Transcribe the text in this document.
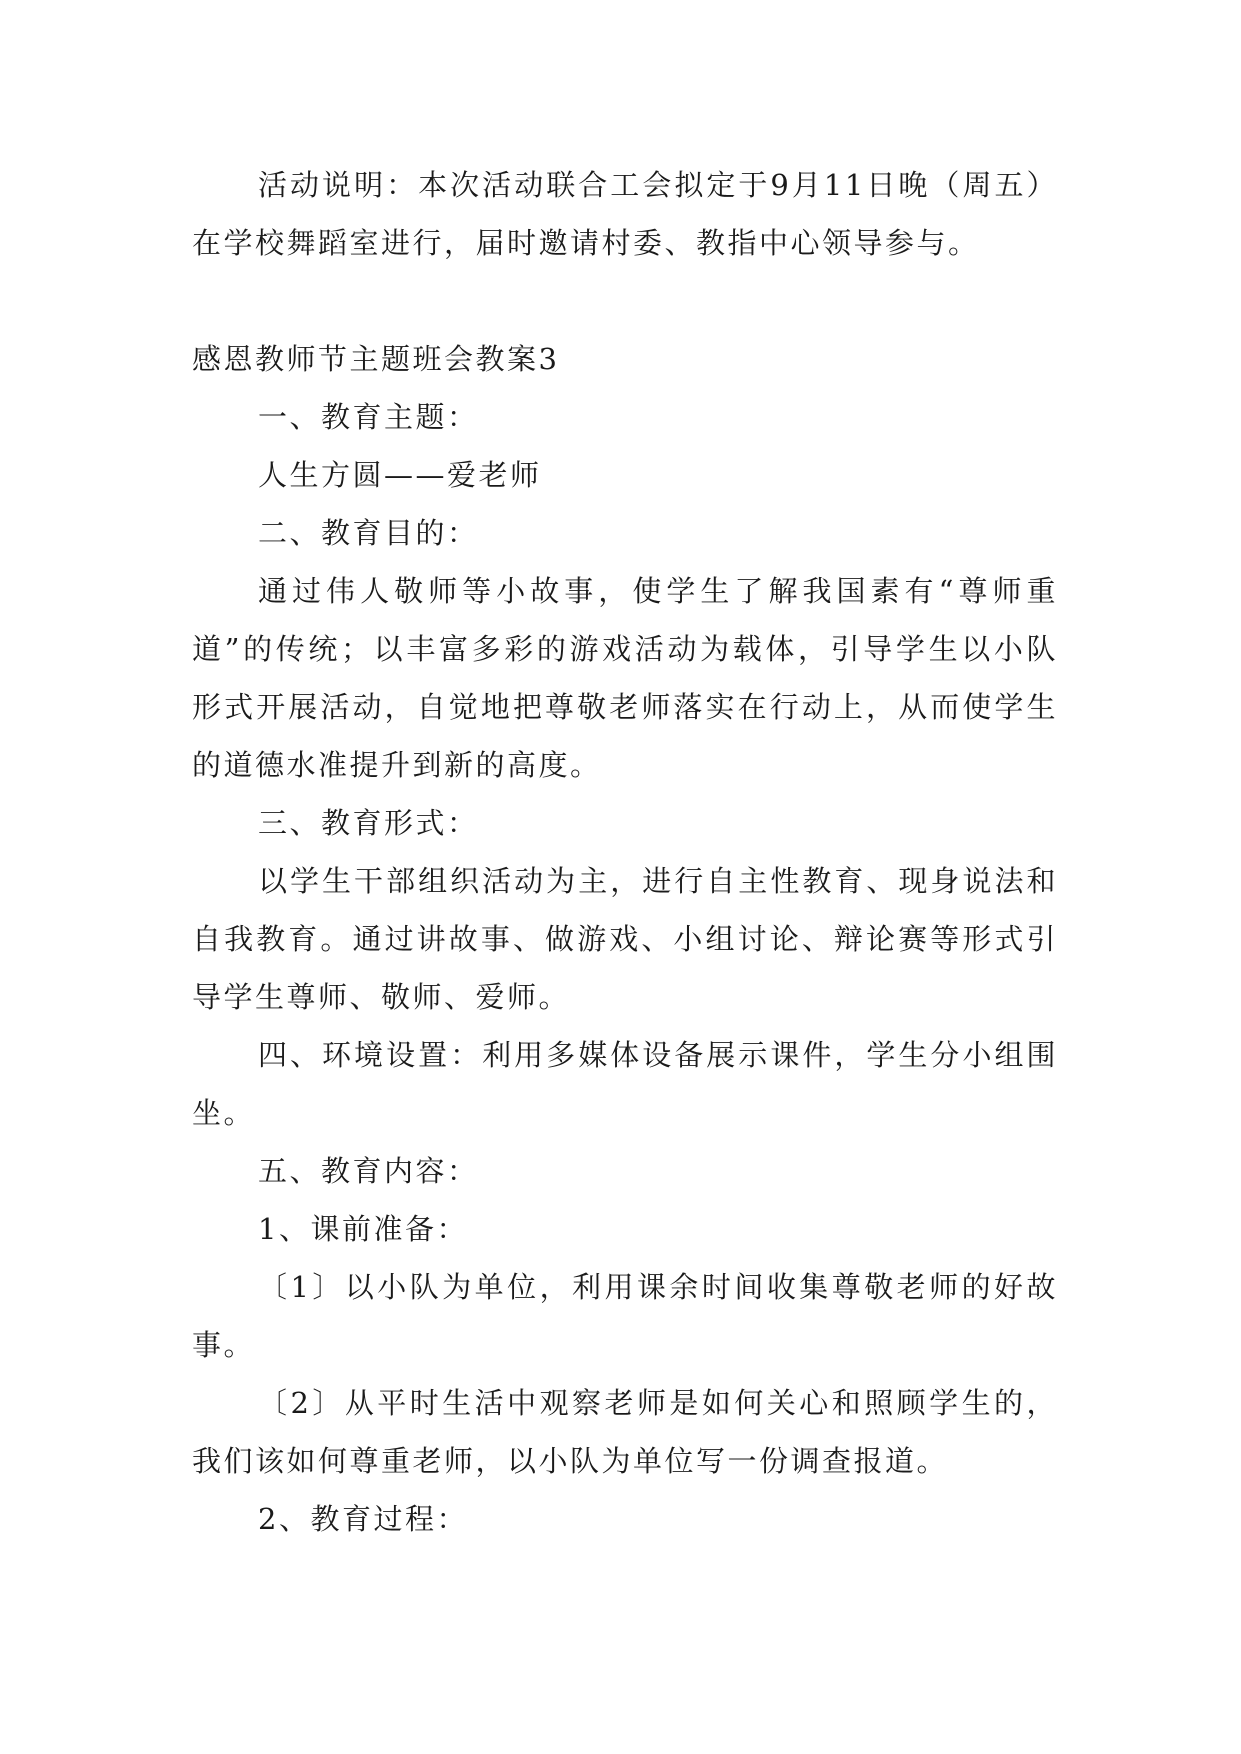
活动说明：本次活动联合工会拟定于9月11日晚（周五）在学校舞蹈室进行，届时邀请村委、教指中心领导参与。

感恩教师节主题班会教案3

一、教育主题：

人生方圆——爱老师

二、教育目的：

通过伟人敬师等小故事，使学生了解我国素有“尊师重道”的传统；以丰富多彩的游戏活动为载体，引导学生以小队形式开展活动，自觉地把尊敬老师落实在行动上，从而使学生的道德水准提升到新的高度。

三、教育形式：

以学生干部组织活动为主，进行自主性教育、现身说法和自我教育。通过讲故事、做游戏、小组讨论、辩论赛等形式引导学生尊师、敬师、爱师。

四、环境设置：利用多媒体设备展示课件，学生分小组围坐。

五、教育内容：

1、课前准备：

〔1〕以小队为单位，利用课余时间收集尊敬老师的好故事。

〔2〕从平时生活中观察老师是如何关心和照顾学生的，我们该如何尊重老师，以小队为单位写一份调查报道。

2、教育过程：
